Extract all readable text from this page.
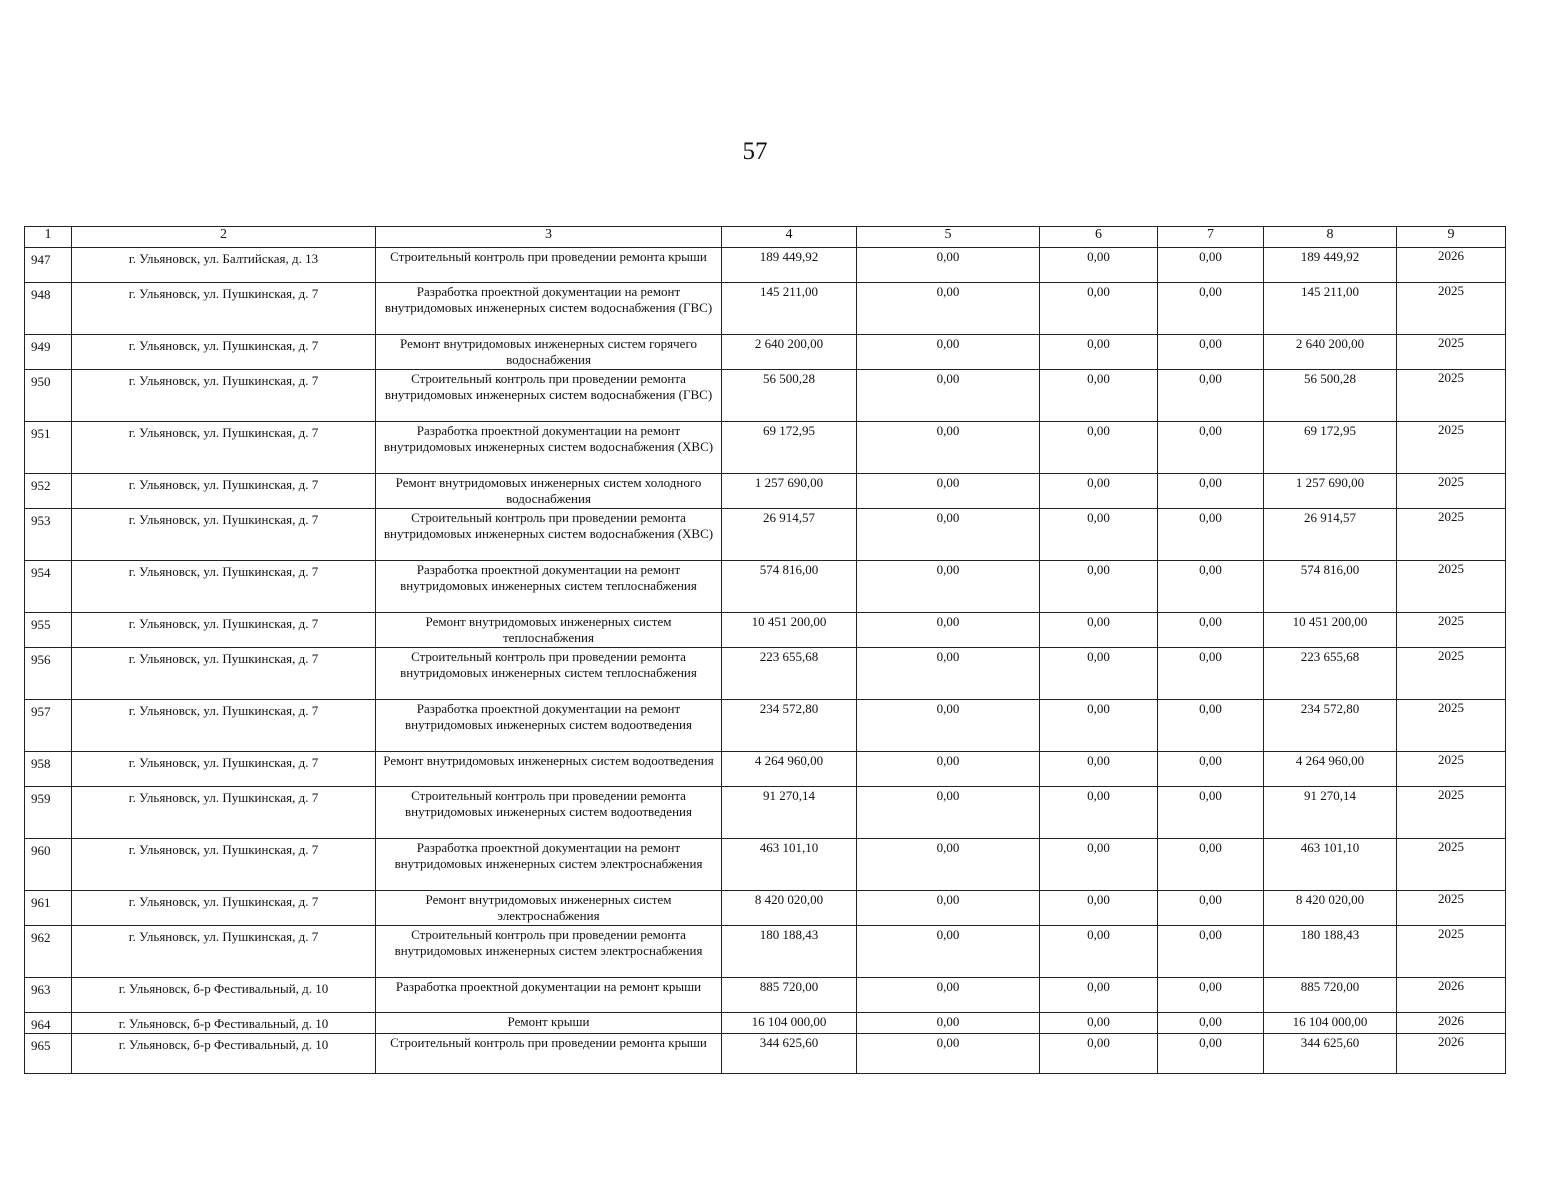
57
1	2	3	4	5	6	7	8	9
947	г. Ульяновск, ул. Балтийская, д. 13	Строительный контроль при проведении ремонта крыши	189 449,92	0,00	0,00	0,00	189 449,92	2026
948	г. Ульяновск, ул. Пушкинская, д. 7	Разработка проектной документации на ремонт внутридомовых инженерных систем водоснабжения (ГВС)	145 211,00	0,00	0,00	0,00	145 211,00	2025
949	г. Ульяновск, ул. Пушкинская, д. 7	Ремонт внутридомовых инженерных систем горячего водоснабжения	2 640 200,00	0,00	0,00	0,00	2 640 200,00	2025
950	г. Ульяновск, ул. Пушкинская, д. 7	Строительный контроль при проведении ремонта внутридомовых инженерных систем водоснабжения (ГВС)	56 500,28	0,00	0,00	0,00	56 500,28	2025
951	г. Ульяновск, ул. Пушкинская, д. 7	Разработка проектной документации на ремонт внутридомовых инженерных систем водоснабжения (ХВС)	69 172,95	0,00	0,00	0,00	69 172,95	2025
952	г. Ульяновск, ул. Пушкинская, д. 7	Ремонт внутридомовых инженерных систем холодного водоснабжения	1 257 690,00	0,00	0,00	0,00	1 257 690,00	2025
953	г. Ульяновск, ул. Пушкинская, д. 7	Строительный контроль при проведении ремонта внутридомовых инженерных систем водоснабжения (ХВС)	26 914,57	0,00	0,00	0,00	26 914,57	2025
954	г. Ульяновск, ул. Пушкинская, д. 7	Разработка проектной документации на ремонт внутридомовых инженерных систем теплоснабжения	574 816,00	0,00	0,00	0,00	574 816,00	2025
955	г. Ульяновск, ул. Пушкинская, д. 7	Ремонт внутридомовых инженерных систем теплоснабжения	10 451 200,00	0,00	0,00	0,00	10 451 200,00	2025
956	г. Ульяновск, ул. Пушкинская, д. 7	Строительный контроль при проведении ремонта внутридомовых инженерных систем теплоснабжения	223 655,68	0,00	0,00	0,00	223 655,68	2025
957	г. Ульяновск, ул. Пушкинская, д. 7	Разработка проектной документации на ремонт внутридомовых инженерных систем водоотведения	234 572,80	0,00	0,00	0,00	234 572,80	2025
958	г. Ульяновск, ул. Пушкинская, д. 7	Ремонт внутридомовых инженерных систем водоотведения	4 264 960,00	0,00	0,00	0,00	4 264 960,00	2025
959	г. Ульяновск, ул. Пушкинская, д. 7	Строительный контроль при проведении ремонта внутридомовых инженерных систем водоотведения	91 270,14	0,00	0,00	0,00	91 270,14	2025
960	г. Ульяновск, ул. Пушкинская, д. 7	Разработка проектной документации на ремонт внутридомовых инженерных систем электроснабжения	463 101,10	0,00	0,00	0,00	463 101,10	2025
961	г. Ульяновск, ул. Пушкинская, д. 7	Ремонт внутридомовых инженерных систем электроснабжения	8 420 020,00	0,00	0,00	0,00	8 420 020,00	2025
962	г. Ульяновск, ул. Пушкинская, д. 7	Строительный контроль при проведении ремонта внутридомовых инженерных систем электроснабжения	180 188,43	0,00	0,00	0,00	180 188,43	2025
963	г. Ульяновск, б-р Фестивальный, д. 10	Разработка проектной документации на ремонт крыши	885 720,00	0,00	0,00	0,00	885 720,00	2026
964	г. Ульяновск, б-р Фестивальный, д. 10	Ремонт крыши	16 104 000,00	0,00	0,00	0,00	16 104 000,00	2026
965	г. Ульяновск, б-р Фестивальный, д. 10	Строительный контроль при проведении ремонта крыши	344 625,60	0,00	0,00	0,00	344 625,60	2026
